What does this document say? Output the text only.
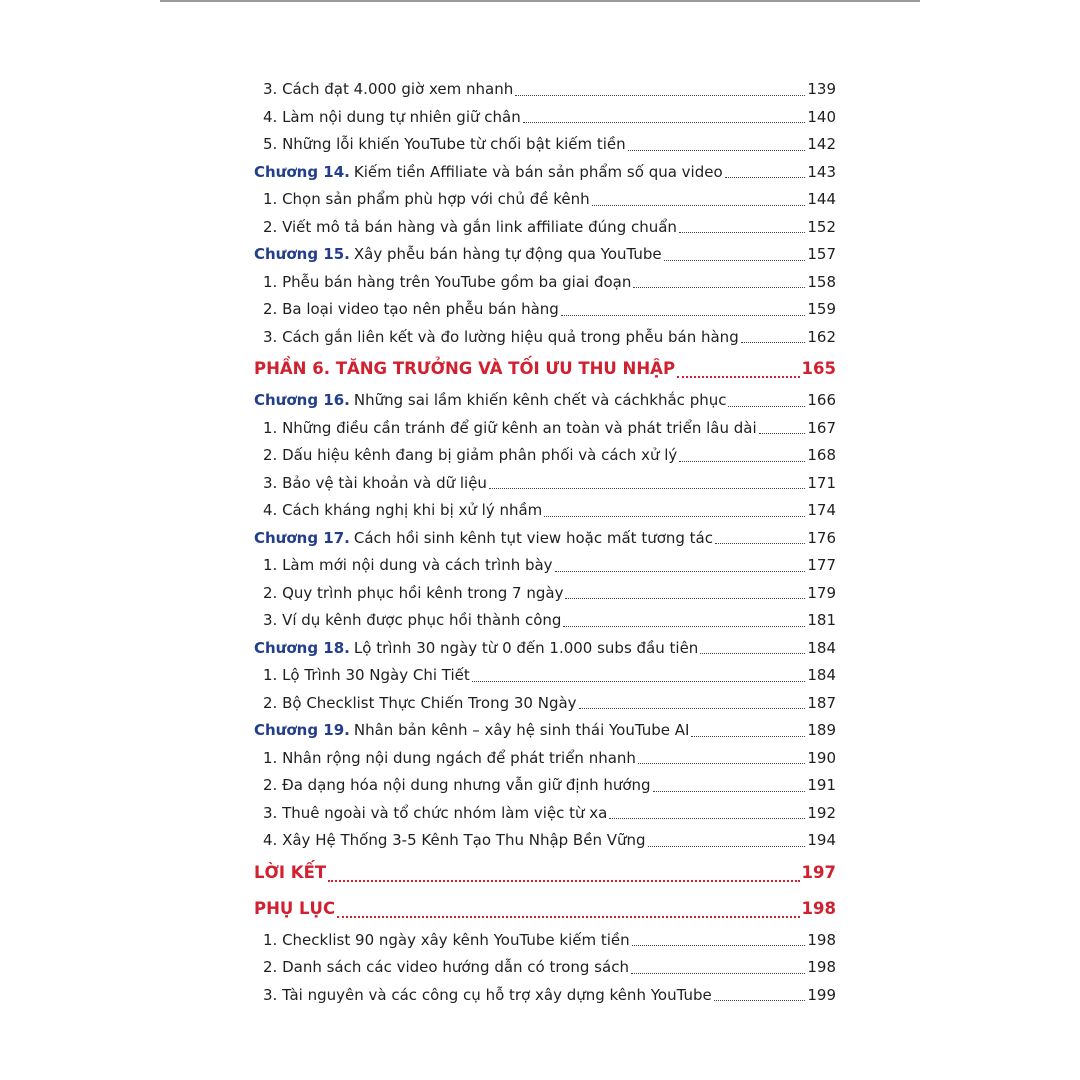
3. Cách đạt 4.000 giờ xem nhanh	139
4. Làm nội dung tự nhiên giữ chân	140
5. Những lỗi khiến YouTube từ chối bật kiếm tiền	142
Chương 14. Kiếm tiền Affiliate và bán sản phẩm số qua video	143
1. Chọn sản phẩm phù hợp với chủ đề kênh	144
2. Viết mô tả bán hàng và gắn link affiliate đúng chuẩn	152
Chương 15. Xây phễu bán hàng tự động qua YouTube	157
1. Phễu bán hàng trên YouTube gồm ba giai đoạn	158
2. Ba loại video tạo nên phễu bán hàng	159
3. Cách gắn liên kết và đo lường hiệu quả trong phễu bán hàng	162
PHẦN 6. TĂNG TRƯỞNG VÀ TỐI ƯU THU NHẬP	165
Chương 16. Những sai lầm khiến kênh chết và cáchkhắc phục	166
1. Những điều cần tránh để giữ kênh an toàn và phát triển lâu dài	167
2. Dấu hiệu kênh đang bị giảm phân phối và cách xử lý	168
3. Bảo vệ tài khoản và dữ liệu	171
4. Cách kháng nghị khi bị xử lý nhầm	174
Chương 17. Cách hồi sinh kênh tụt view hoặc mất tương tác	176
1. Làm mới nội dung và cách trình bày	177
2. Quy trình phục hồi kênh trong 7 ngày	179
3. Ví dụ kênh được phục hồi thành công	181
Chương 18. Lộ trình 30 ngày từ 0 đến 1.000 subs đầu tiên	184
1. Lộ Trình 30 Ngày Chi Tiết	184
2. Bộ Checklist Thực Chiến Trong 30 Ngày	187
Chương 19. Nhân bản kênh – xây hệ sinh thái YouTube AI	189
1. Nhân rộng nội dung ngách để phát triển nhanh	190
2. Đa dạng hóa nội dung nhưng vẫn giữ định hướng	191
3. Thuê ngoài và tổ chức nhóm làm việc từ xa	192
4. Xây Hệ Thống 3-5 Kênh Tạo Thu Nhập Bền Vững	194
LỜI KẾT	197
PHỤ LỤC	198
1. Checklist 90 ngày xây kênh YouTube kiếm tiền	198
2. Danh sách các video hướng dẫn có trong sách	198
3. Tài nguyên và các công cụ hỗ trợ xây dựng kênh YouTube	199
